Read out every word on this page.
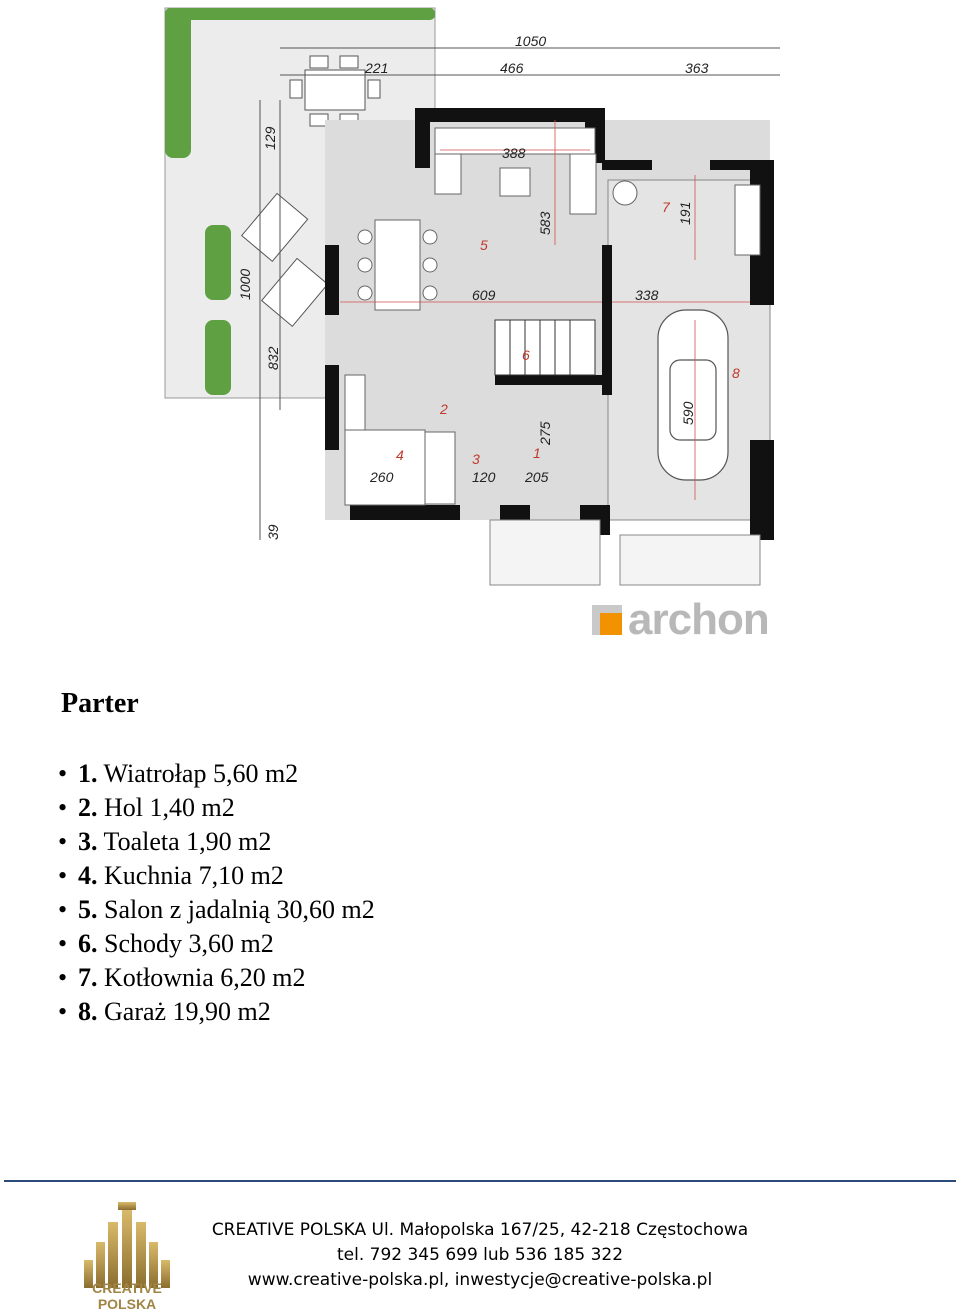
1050
221	466	363
129
388
583	191
609	338
1000
832
590
275
260	120 205
39
1
2
3
4
5
6
7
8
archon
Parter
• 1. Wiatrołap 5,60 m2
• 2. Hol 1,40 m2
• 3. Toaleta 1,90 m2
• 4. Kuchnia 7,10 m2
• 5. Salon z jadalnią 30,60 m2
• 6. Schody 3,60 m2
• 7. Kotłownia 6,20 m2
• 8. Garaż 19,90 m2
CREATIVE POLSKA
CREATIVE POLSKA Ul. Małopolska 167/25, 42-218 Częstochowa
tel. 792 345 699 lub 536 185 322
www.creative-polska.pl, inwestycje@creative-polska.pl
